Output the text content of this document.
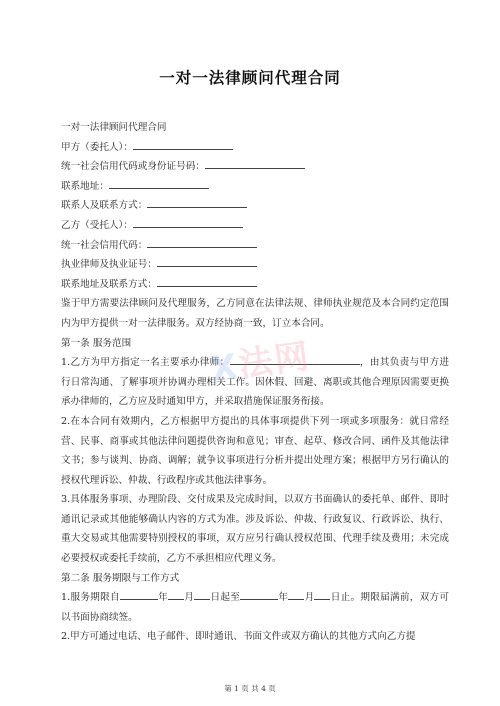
一对一法律顾问代理合同
一对一法律顾问代理合同
甲方（委托人）：
统一社会信用代码或身份证号码：
联系地址：
联系人及联系方式：
乙方（受托人）：
统一社会信用代码：
执业律师及执业证号：
联系地址及联系方式：
鉴于甲方需要法律顾问及代理服务，乙方同意在法律法规、律师执业规范及本合同约定范围内为甲方提供一对一法律服务。双方经协商一致，订立本合同。
第一条 服务范围
1.乙方为甲方指定一名主要承办律师：	，由其负责与甲方进行日常沟通、了解事项并协调办理相关工作。因休假、回避、离职或其他合理原因需要更换承办律师的，乙方应及时通知甲方，并采取措施保证服务衔接。
2.在本合同有效期内，乙方根据甲方提出的具体事项提供下列一项或多项服务：就日常经营、民事、商事或其他法律问题提供咨询和意见；审查、起草、修改合同、函件及其他法律文书；参与谈判、协商、调解；就争议事项进行分析并提出处理方案；根据甲方另行确认的授权代理诉讼、仲裁、行政程序或其他法律事务。
3.具体服务事项、办理阶段、交付成果及完成时间，以双方书面确认的委托单、邮件、即时通讯记录或其他能够确认内容的方式为准。涉及诉讼、仲裁、行政复议、行政诉讼、执行、重大交易或其他需要特别授权的事项，双方应另行确认授权范围、代理手续及费用；未完成必要授权或委托手续前，乙方不承担相应代理义务。
第二条 服务期限与工作方式
1.服务期限自	年 月 日起至	年 月 日止。期限届满前，双方可以书面协商续签。
2.甲方可通过电话、电子邮件、即时通讯、书面文件或双方确认的其他方式向乙方提
X法网
第 1 页 共 4 页
